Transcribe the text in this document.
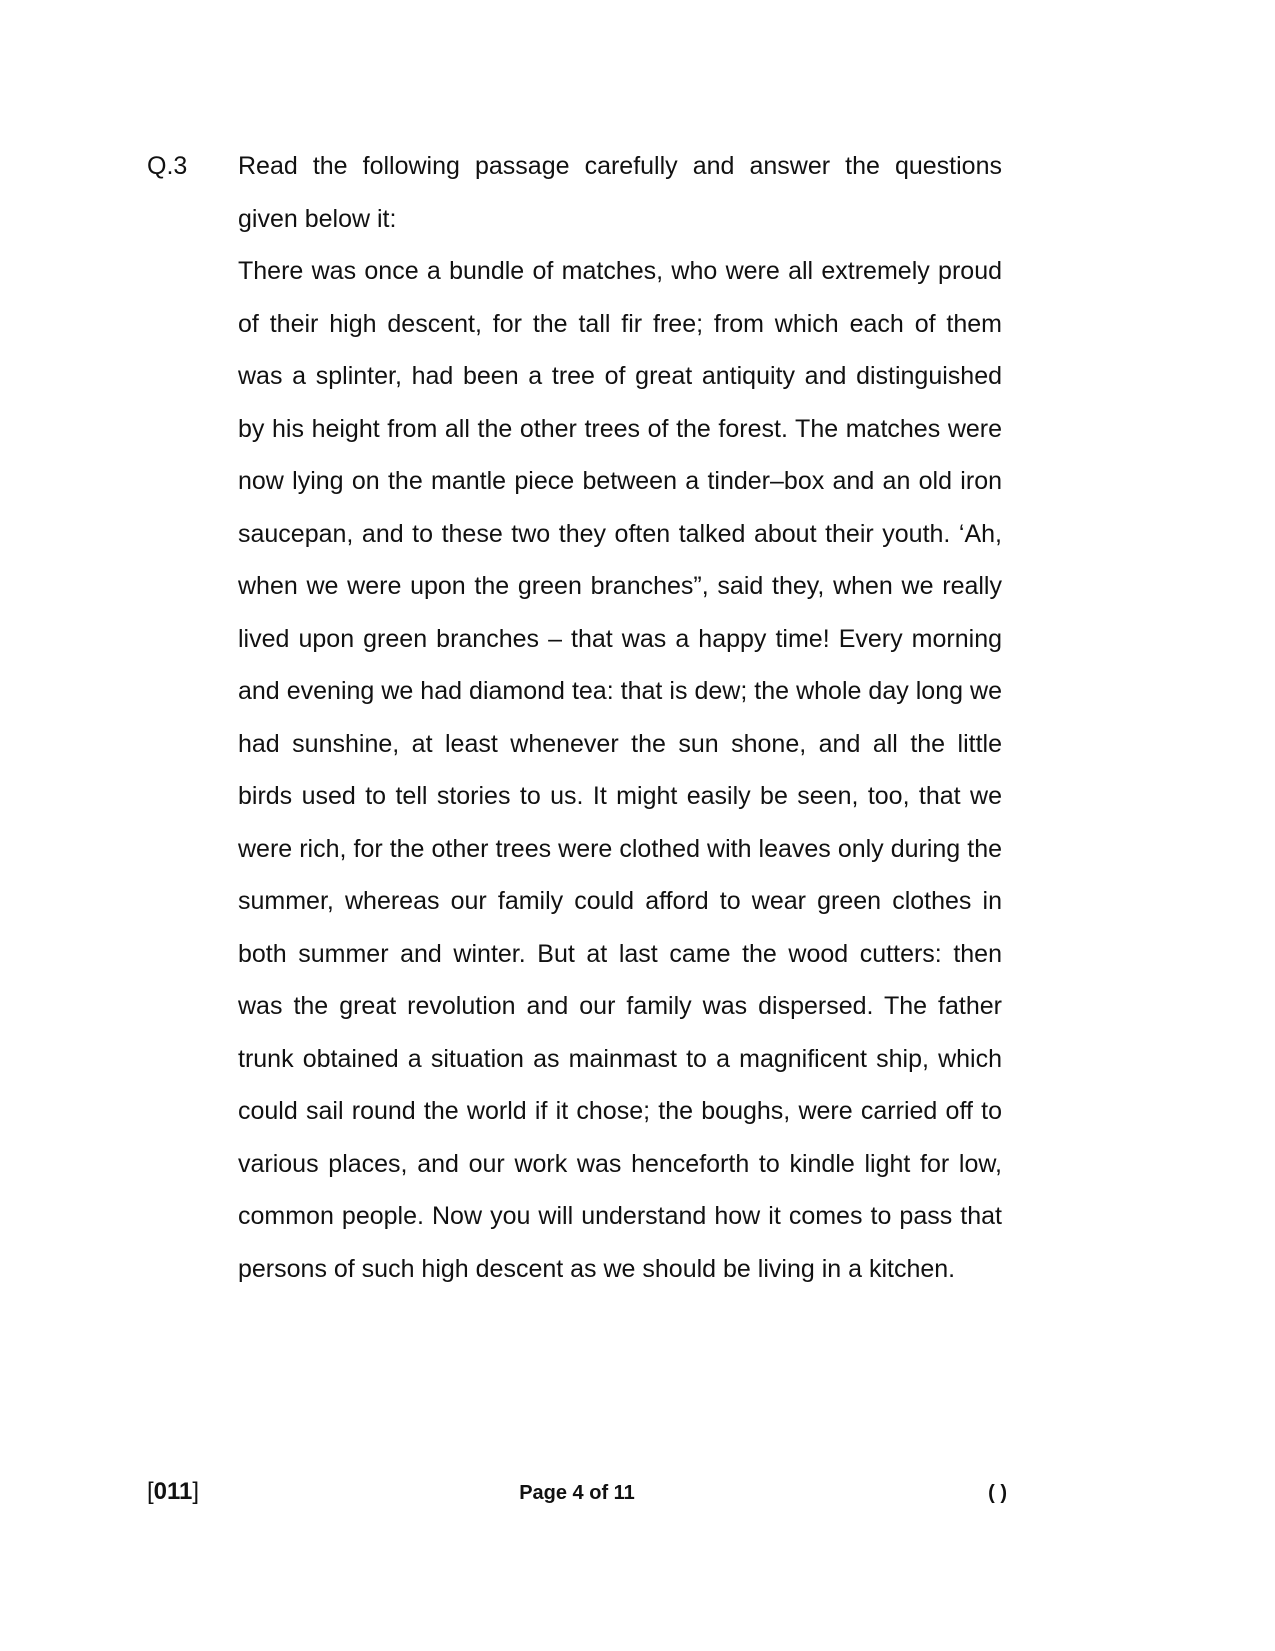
Q.3 Read the following passage carefully and answer the questions given below it:

There was once a bundle of matches, who were all extremely proud of their high descent, for the tall fir free; from which each of them was a splinter, had been a tree of great antiquity and distinguished by his height from all the other trees of the forest. The matches were now lying on the mantle piece between a tinder–box and an old iron saucepan, and to these two they often talked about their youth. ‘Ah, when we were upon the green branches”, said they, when we really lived upon green branches – that was a happy time! Every morning and evening we had diamond tea: that is dew; the whole day long we had sunshine, at least whenever the sun shone, and all the little birds used to tell stories to us. It might easily be seen, too, that we were rich, for the other trees were clothed with leaves only during the summer, whereas our family could afford to wear green clothes in both summer and winter. But at last came the wood cutters: then was the great revolution and our family was dispersed. The father trunk obtained a situation as mainmast to a magnificent ship, which could sail round the world if it chose; the boughs, were carried off to various places, and our work was henceforth to kindle light for low, common people. Now you will understand how it comes to pass that persons of such high descent as we should be living in a kitchen.

[011]	Page 4 of 11	( )
